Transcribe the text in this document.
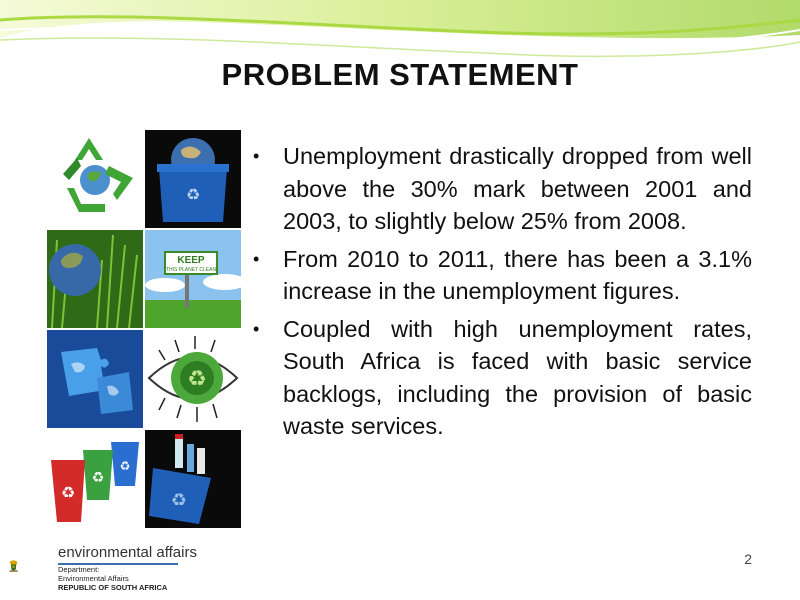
PROBLEM STATEMENT
♻
KEEP
THIS PLANET CLEAN
♻
♻
♻
♻
♻
• Unemployment drastically dropped from well above the 30% mark between 2001 and 2003, to slightly below 25% from 2008.
• From 2010 to 2011, there has been a 3.1% increase in the unemployment figures.
• Coupled with high unemployment rates, South Africa is faced with basic service backlogs, including the provision of basic waste services.
environmental affairs
Department:
Environmental Affairs
REPUBLIC OF SOUTH AFRICA
2
